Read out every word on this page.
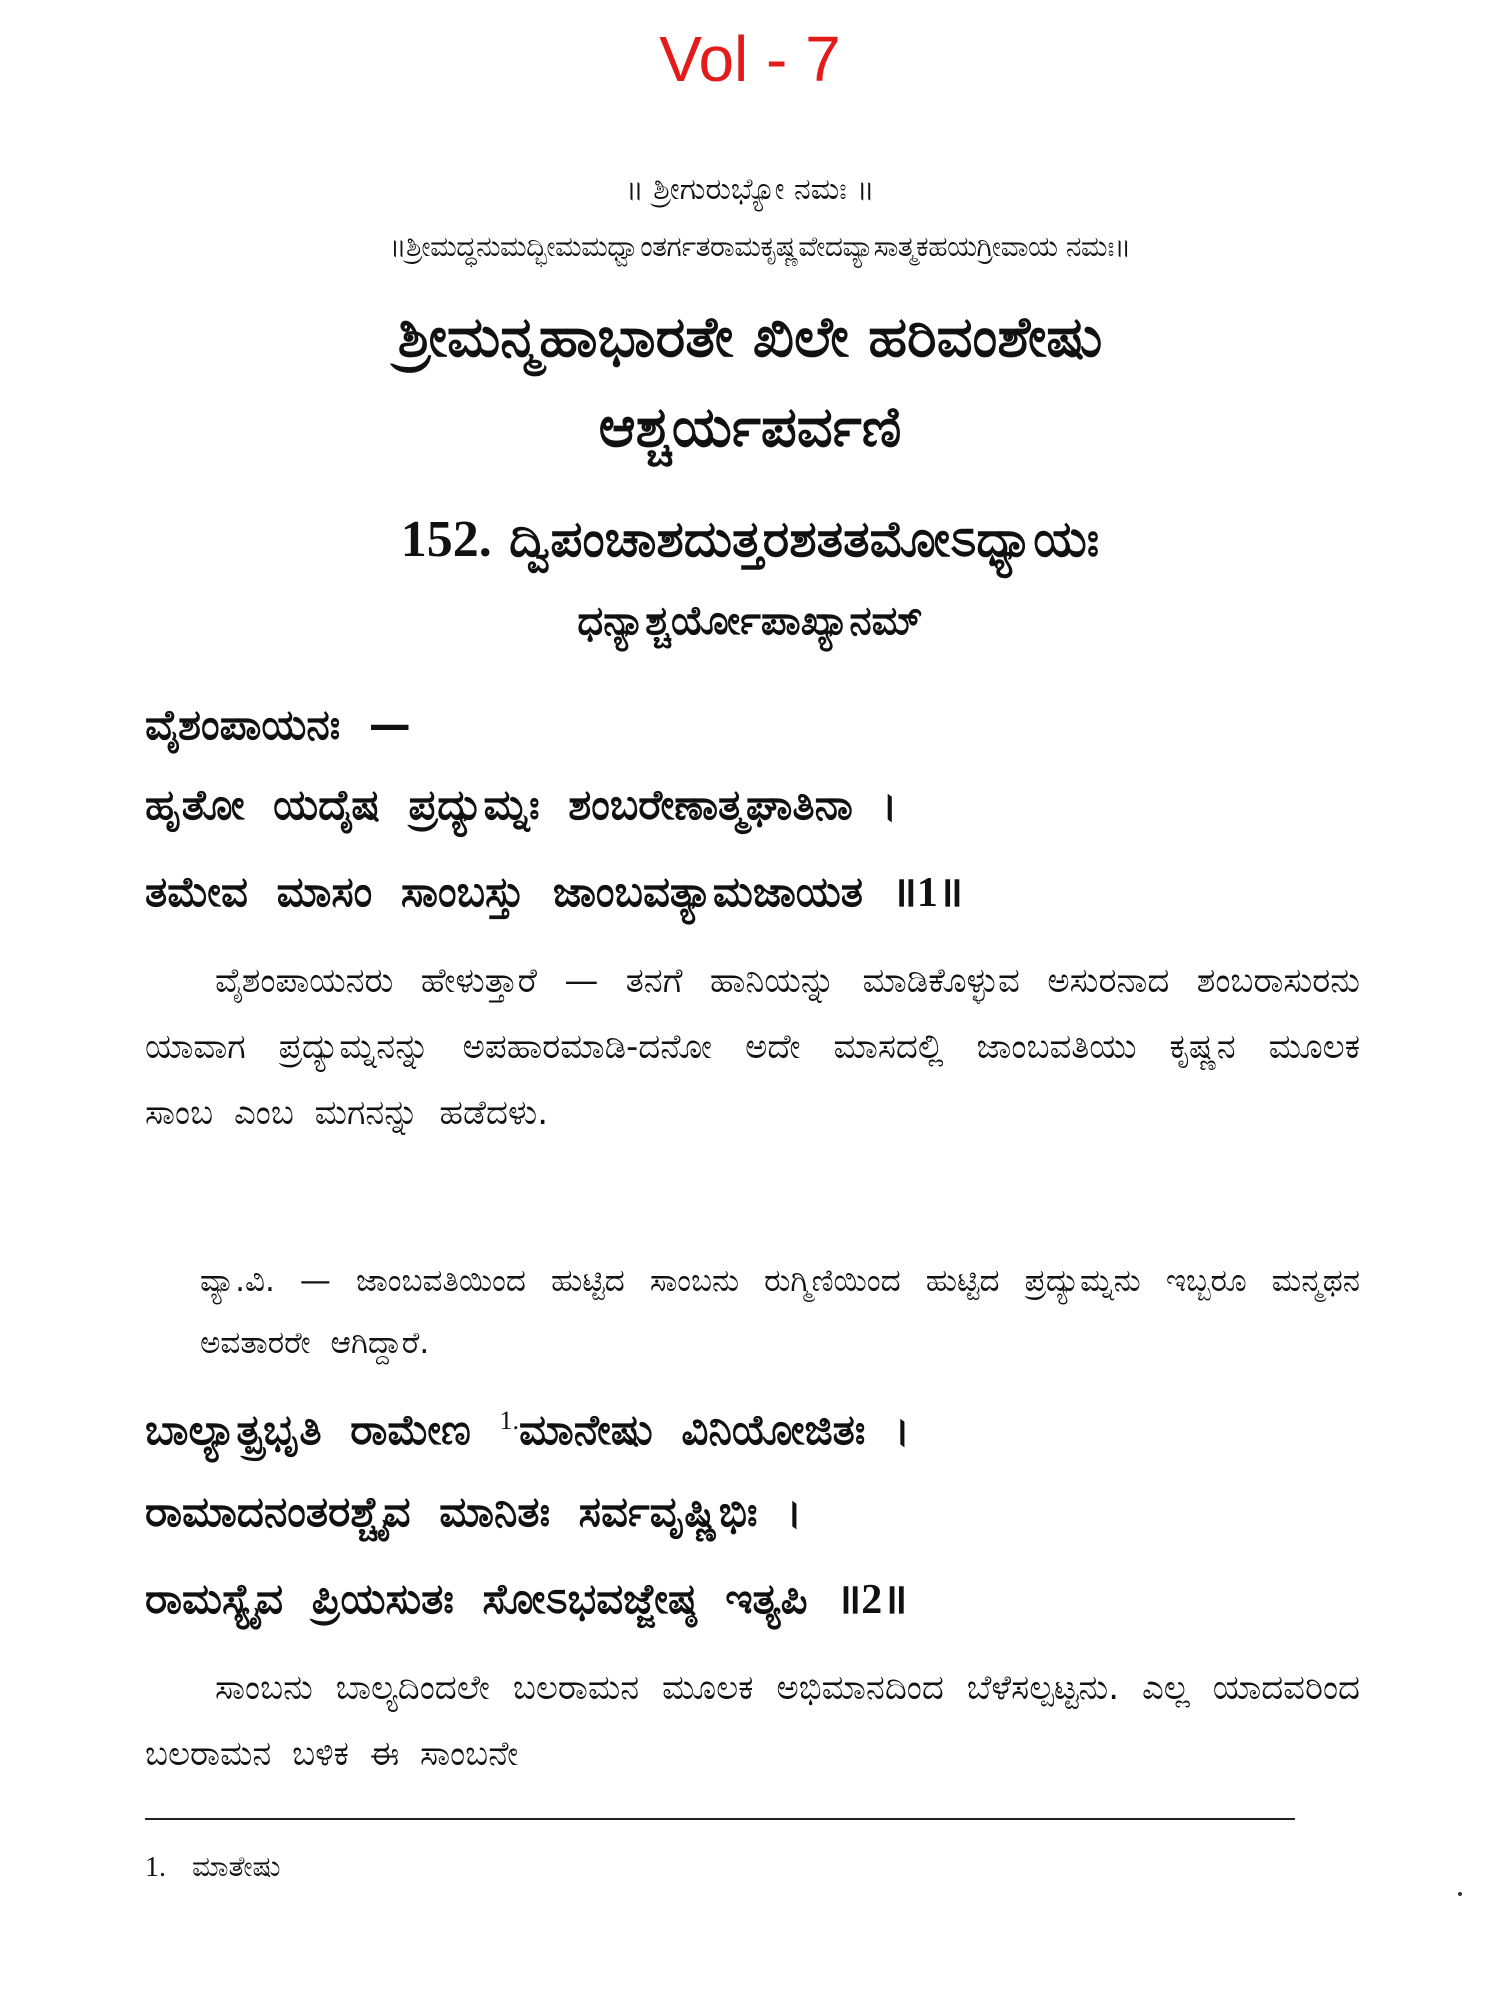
Vol - 7
॥ ಶ್ರೀಗುರುಭ್ಯೋ ನಮಃ ॥
॥ಶ್ರೀಮದ್ಧನುಮದ್ಭೀಮಮಧ್ವಾಂತರ್ಗತರಾಮಕೃಷ್ಣವೇದವ್ಯಾಸಾತ್ಮಕಹಯಗ್ರೀವಾಯ ನಮಃ॥
ಶ್ರೀಮನ್ಮಹಾಭಾರತೇ ಖಿಲೇ ಹರಿವಂಶೇಷು
ಆಶ್ಚರ್ಯಪರ್ವಣಿ
152. ದ್ವಿಪಂಚಾಶದುತ್ತರಶತತಮೋಽಧ್ಯಾಯಃ
ಧನ್ಯಾಶ್ಚರ್ಯೋಪಾಖ್ಯಾನಮ್
ವೈಶಂಪಾಯನಃ —
ಹೃತೋ ಯದೈಷ ಪ್ರದ್ಯುಮ್ನಃ ಶಂಬರೇಣಾತ್ಮಘಾತಿನಾ ।
ತಮೇವ ಮಾಸಂ ಸಾಂಬಸ್ತು ಜಾಂಬವತ್ಯಾಮಜಾಯತ ॥1॥
ವೈಶಂಪಾಯನರು ಹೇಳುತ್ತಾರೆ — ತನಗೆ ಹಾನಿಯನ್ನು ಮಾಡಿಕೊಳ್ಳುವ ಅಸುರನಾದ ಶಂಬರಾಸುರನು ಯಾವಾಗ ಪ್ರದ್ಯುಮ್ನನನ್ನು ಅಪಹಾರಮಾಡಿ-ದನೋ ಅದೇ ಮಾಸದಲ್ಲಿ ಜಾಂಬವತಿಯು ಕೃಷ್ಣನ ಮೂಲಕ ಸಾಂಬ ಎಂಬ ಮಗನನ್ನು ಹಡೆದಳು.
ವ್ಯಾ.ವಿ. — ಜಾಂಬವತಿಯಿಂದ ಹುಟ್ಟಿದ ಸಾಂಬನು ರುಗ್ಮಿಣಿಯಿಂದ ಹುಟ್ಟಿದ ಪ್ರದ್ಯುಮ್ನನು ಇಬ್ಬರೂ ಮನ್ಮಥನ ಅವತಾರರೇ ಆಗಿದ್ದಾರೆ.
ಬಾಲ್ಯಾತ್ಪ್ರಭೃತಿ ರಾಮೇಣ $^{1.}$ಮಾನೇಷು ವಿನಿಯೋಜಿತಃ ।
ರಾಮಾದನಂತರಶ್ಚೈವ ಮಾನಿತಃ ಸರ್ವವೃಷ್ಣಿಭಿಃ ।
ರಾಮಸ್ಯೈವ ಪ್ರಿಯಸುತಃ ಸೋಽಭವಜ್ಜೇಷ್ಠ ಇತ್ಯಪಿ ॥2॥
ಸಾಂಬನು ಬಾಲ್ಯದಿಂದಲೇ ಬಲರಾಮನ ಮೂಲಕ ಅಭಿಮಾನದಿಂದ ಬೆಳೆಸಲ್ಪಟ್ಟನು. ಎಲ್ಲ ಯಾದವರಿಂದ ಬಲರಾಮನ ಬಳಿಕ ಈ ಸಾಂಬನೇ
1. ಮಾತೇಷು
